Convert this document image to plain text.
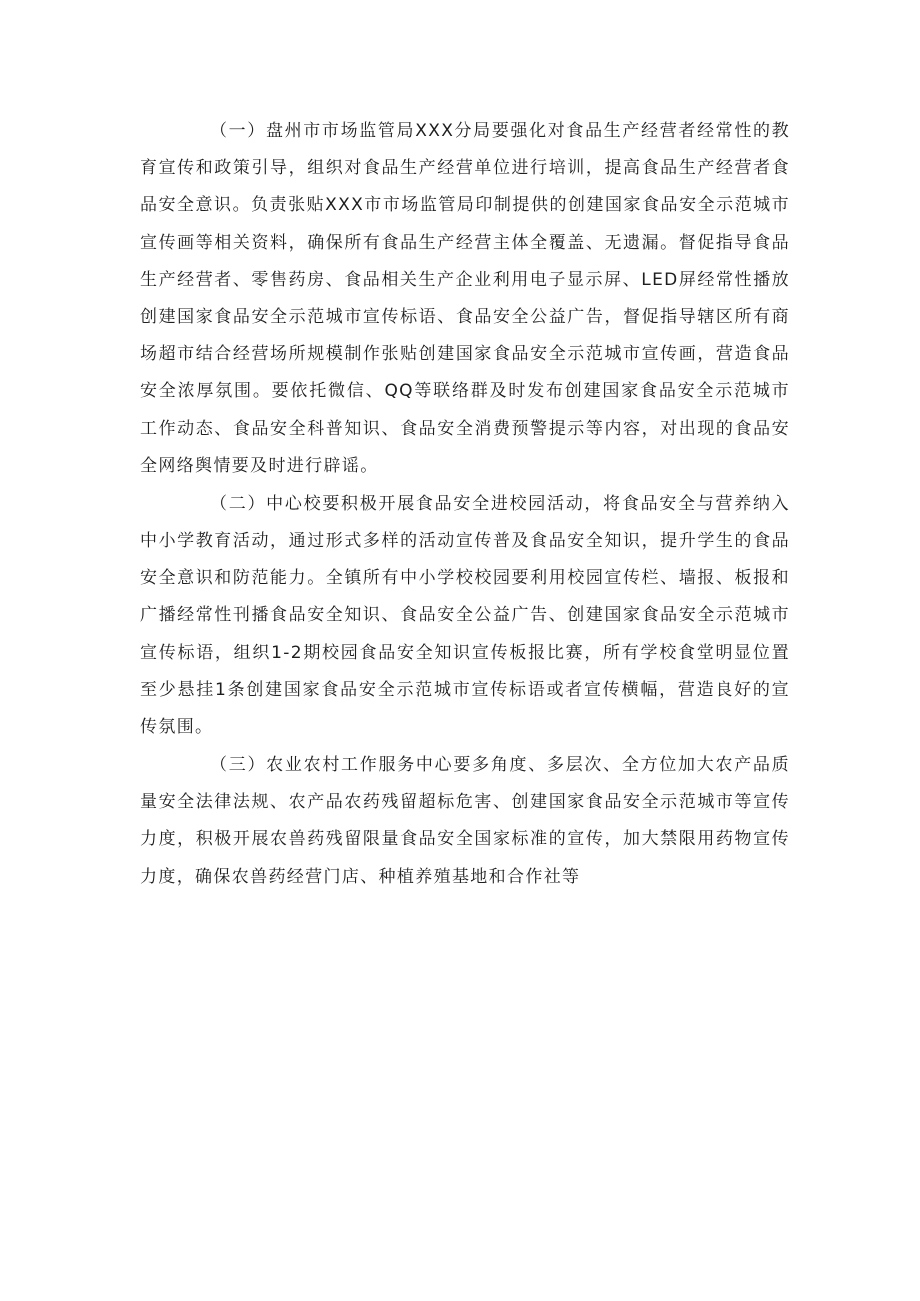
（一）盘州市市场监管局XXX分局要强化对食品生产经营者经常性的教育宣传和政策引导，组织对食品生产经营单位进行培训，提高食品生产经营者食品安全意识。负责张贴XXX市市场监管局印制提供的创建国家食品安全示范城市宣传画等相关资料，确保所有食品生产经营主体全覆盖、无遗漏。督促指导食品生产经营者、零售药房、食品相关生产企业利用电子显示屏、LED屏经常性播放创建国家食品安全示范城市宣传标语、食品安全公益广告，督促指导辖区所有商场超市结合经营场所规模制作张贴创建国家食品安全示范城市宣传画，营造食品安全浓厚氛围。要依托微信、QQ等联络群及时发布创建国家食品安全示范城市工作动态、食品安全科普知识、食品安全消费预警提示等内容，对出现的食品安全网络舆情要及时进行辟谣。

（二）中心校要积极开展食品安全进校园活动，将食品安全与营养纳入中小学教育活动，通过形式多样的活动宣传普及食品安全知识，提升学生的食品安全意识和防范能力。全镇所有中小学校校园要利用校园宣传栏、墙报、板报和广播经常性刊播食品安全知识、食品安全公益广告、创建国家食品安全示范城市宣传标语，组织1-2期校园食品安全知识宣传板报比赛，所有学校食堂明显位置至少悬挂1条创建国家食品安全示范城市宣传标语或者宣传横幅，营造良好的宣传氛围。

（三）农业农村工作服务中心要多角度、多层次、全方位加大农产品质量安全法律法规、农产品农药残留超标危害、创建国家食品安全示范城市等宣传力度，积极开展农兽药残留限量食品安全国家标准的宣传，加大禁限用药物宣传力度，确保农兽药经营门店、种植养殖基地和合作社等
